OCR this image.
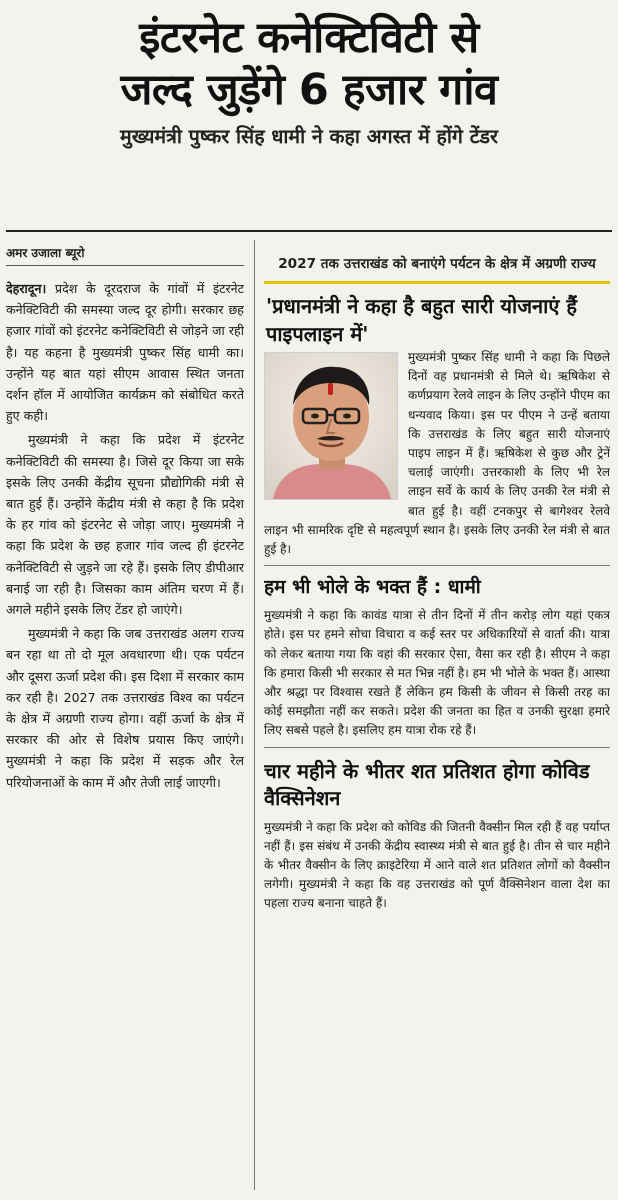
इंटरनेट कनेक्टिविटी से
जल्द जुड़ेंगे 6 हजार गांव
मुख्यमंत्री पुष्कर सिंह धामी ने कहा अगस्त में होंगे टेंडर
अमर उजाला ब्यूरो

देहरादून। प्रदेश के दूरदराज के गांवों में इंटरनेट कनेक्टिविटी की समस्या जल्द दूर होगी। सरकार छह हजार गांवों को इंटरनेट कनेक्टिविटी से जोड़ने जा रही है। यह कहना है मुख्यमंत्री पुष्कर सिंह धामी का। उन्होंने यह बात यहां सीएम आवास स्थित जनता दर्शन हॉल में आयोजित कार्यक्रम को संबोधित करते हुए कही।

मुख्यमंत्री ने कहा कि प्रदेश में इंटरनेट कनेक्टिविटी की समस्या है। जिसे दूर किया जा सके इसके लिए उनकी केंद्रीय सूचना प्रौद्योगिकी मंत्री से बात हुई हैं। उन्होंने केंद्रीय मंत्री से कहा है कि प्रदेश के हर गांव को इंटरनेट से जोड़ा जाए। मुख्यमंत्री ने कहा कि प्रदेश के छह हजार गांव जल्द ही इंटरनेट कनेक्टिविटी से जुड़ने जा रहे हैं। इसके लिए डीपीआर बनाई जा रही है। जिसका काम अंतिम चरण में हैं। अगले महीने इसके लिए टेंडर हो जाएंगे।

मुख्यमंत्री ने कहा कि जब उत्तराखंड अलग राज्य बन रहा था तो दो मूल अवधारणा थी। एक पर्यटन और दूसरा ऊर्जा प्रदेश की। इस दिशा में सरकार काम कर रही है। 2027 तक उत्तराखंड विश्व का पर्यटन के क्षेत्र में अग्रणी राज्य होगा। वहीं ऊर्जा के क्षेत्र में सरकार की ओर से विशेष प्रयास किए जाएंगे। मुख्यमंत्री ने कहा कि प्रदेश में सड़क और रेल परियोजनाओं के काम में और तेजी लाई जाएगी।

2027 तक उत्तराखंड को बनाएंगे पर्यटन के क्षेत्र में अग्रणी राज्य
'प्रधानमंत्री ने कहा है बहुत सारी योजनाएं हैं पाइपलाइन में'

मुख्यमंत्री पुष्कर सिंह धामी ने कहा कि पिछले दिनों वह प्रधानमंत्री से मिले थे। ऋषिकेश से कर्णप्रयाग रेलवे लाइन के लिए उन्होंने पीएम का धन्यवाद किया। इस पर पीएम ने उन्हें बताया कि उत्तराखंड के लिए बहुत सारी योजनाएं पाइप लाइन में हैं। ऋषिकेश से कुछ और ट्रेनें चलाई जाएंगी। उत्तरकाशी के लिए भी रेल लाइन सर्वे के कार्य के लिए उनकी रेल मंत्री से बात हुई है। वहीं टनकपुर से बागेश्वर रेलवे लाइन भी सामरिक दृष्टि से महत्वपूर्ण स्थान है। इसके लिए उनकी रेल मंत्री से बात हुई है।

हम भी भोले के भक्त हैं : धामी

मुख्यमंत्री ने कहा कि कावंड यात्रा से तीन दिनों में तीन करोड़ लोग यहां एकत्र होते। इस पर हमने सोचा विचारा व कई स्तर पर अधिकारियों से वार्ता की। यात्रा को लेकर बताया गया कि वहां की सरकार ऐसा, वैसा कर रही है। सीएम ने कहा कि हमारा किसी भी सरकार से मत भिन्न नहीं है। हम भी भोले के भक्त हैं। आस्था और श्रद्धा पर विश्वास रखते हैं लेकिन हम किसी के जीवन से किसी तरह का कोई समझौता नहीं कर सकते। प्रदेश की जनता का हित व उनकी सुरक्षा हमारे लिए सबसे पहले है। इसलिए हम यात्रा रोक रहे हैं।

चार महीने के भीतर शत प्रतिशत होगा कोविड वैक्सिनेशन

मुख्यमंत्री ने कहा कि प्रदेश को कोविड की जितनी वैक्सीन मिल रही हैं वह पर्याप्त नहीं हैं। इस संबंध में उनकी केंद्रीय स्वास्थ्य मंत्री से बात हुई है। तीन से चार महीने के भीतर वैक्सीन के लिए क्राइटेरिया में आने वाले शत प्रतिशत लोगों को वैक्सीन लगेगी। मुख्यमंत्री ने कहा कि वह उत्तराखंड को पूर्ण वैक्सिनेशन वाला देश का पहला राज्य बनाना चाहते हैं।
